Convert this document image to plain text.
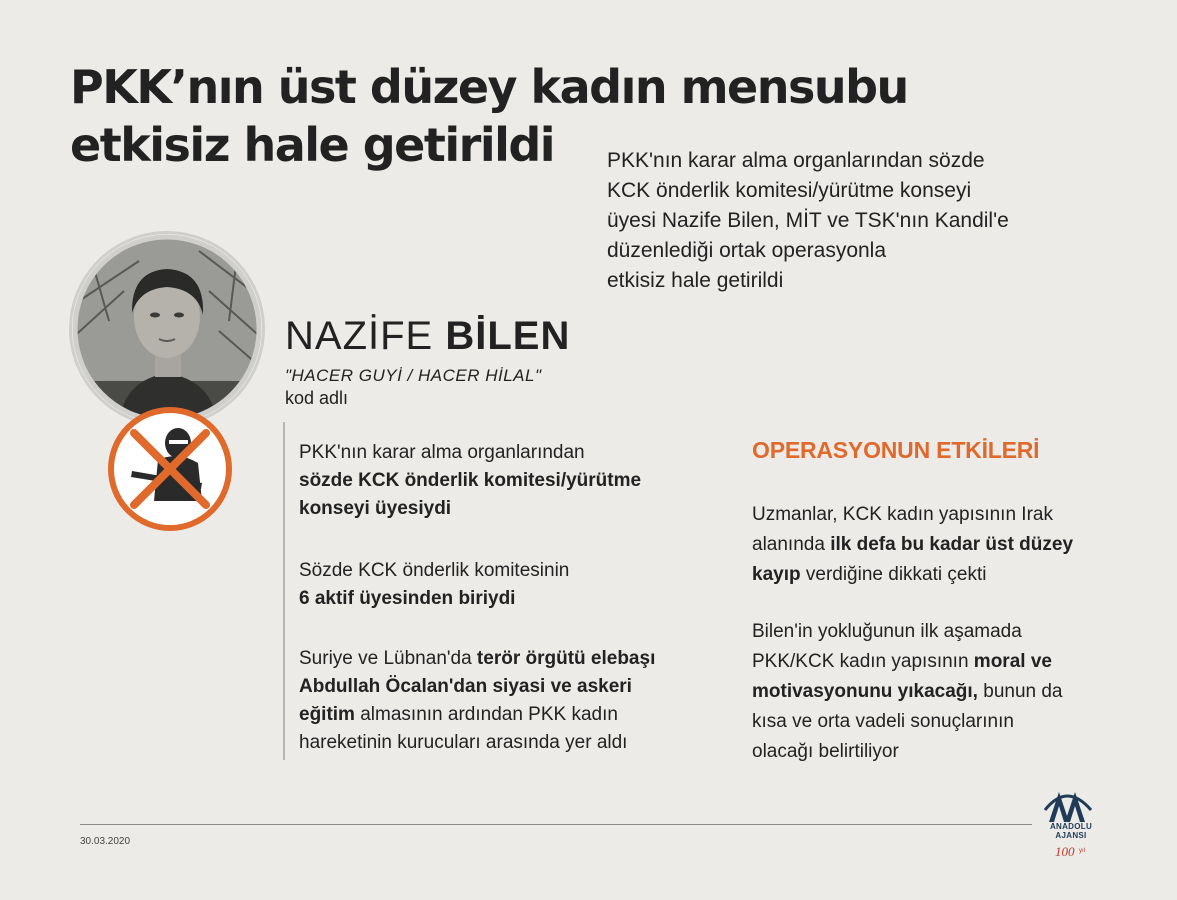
PKK’nın üst düzey kadın mensubu
etkisiz hale getirildi	PKK'nın karar alma organlarından sözde
KCK önderlik komitesi/yürütme konseyi
üyesi Nazife Bilen, MİT ve TSK'nın Kandil'e
düzenlediği ortak operasyonla
etkisiz hale getirildi
NAZİFE BİLEN
"HACER GUYİ / HACER HİLAL"
kod adlı
PKK'nın karar alma organlarından
sözde KCK önderlik komitesi/yürütme
konseyi üyesiydi
Sözde KCK önderlik komitesinin
6 aktif üyesinden biriydi
Suriye ve Lübnan'da terör örgütü elebaşı
Abdullah Öcalan'dan siyasi ve askeri
eğitim almasının ardından PKK kadın
hareketinin kurucuları arasında yer aldı
OPERASYONUN ETKİLERİ
Uzmanlar, KCK kadın yapısının Irak
alanında ilk defa bu kadar üst düzey
kayıp verdiğine dikkati çekti
Bilen'in yokluğunun ilk aşamada
PKK/KCK kadın yapısının moral ve
motivasyonunu yıkacağı, bunun da
kısa ve orta vadeli sonuçlarının
olacağı belirtiliyor
30.03.2020
100 yıl
ANADOLU AJANSI
